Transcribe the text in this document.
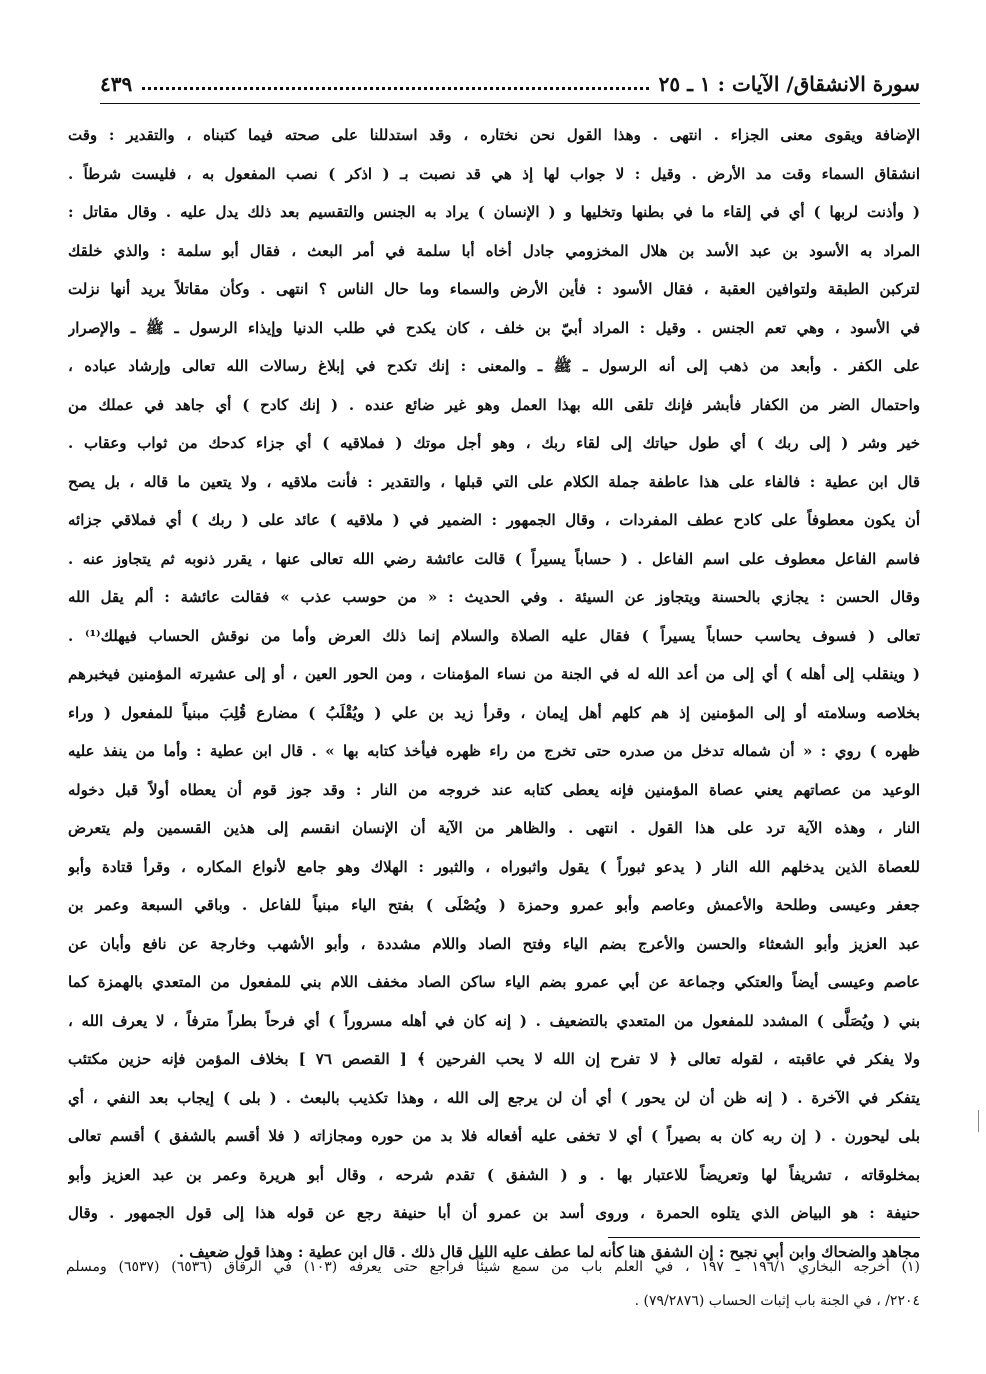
سورة الانشقاق/ الآيات : ١ ـ ٢٥
٤٣٩
الإضافة ويقوى معنى الجزاء . انتهى . وهذا القول نحن نختاره ، وقد استدللنا على صحته فيما كتبناه ، والتقدير : وقت
انشقاق السماء وقت مد الأرض . وقيل : لا جواب لها إذ هي قد نصبت بـ ( اذكر ) نصب المفعول به ، فليست شرطاً .
( وأذنت لربها ) أي في إلقاء ما في بطنها وتخليها و ( الإنسان ) يراد به الجنس والتقسيم بعد ذلك يدل عليه . وقال مقاتل :
المراد به الأسود بن عبد الأسد بن هلال المخزومي جادل أخاه أبا سلمة في أمر البعث ، فقال أبو سلمة : والذي خلقك
لتركبن الطبقة ولتوافين العقبة ، فقال الأسود : فأين الأرض والسماء وما حال الناس ؟ انتهى . وكأن مقاتلاً يريد أنها نزلت
في الأسود ، وهي تعم الجنس . وقيل : المراد أبيّ بن خلف ، كان يكدح في طلب الدنيا وإيذاء الرسول ـ ﷺ ـ والإصرار
على الكفر . وأبعد من ذهب إلى أنه الرسول ـ ﷺ ـ والمعنى : إنك تكدح في إبلاغ رسالات الله تعالى وإرشاد عباده ،
واحتمال الضر من الكفار فأبشر فإنك تلقى الله بهذا العمل وهو غير ضائع عنده . ( إنك كادح ) أي جاهد في عملك من
خير وشر ( إلى ربك ) أي طول حياتك إلى لقاء ربك ، وهو أجل موتك ( فملاقيه ) أي جزاء كدحك من ثواب وعقاب .
قال ابن عطية : فالفاء على هذا عاطفة جملة الكلام على التي قبلها ، والتقدير : فأنت ملاقيه ، ولا يتعين ما قاله ، بل يصح
أن يكون معطوفاً على كادح عطف المفردات ، وقال الجمهور : الضمير في ( ملاقيه ) عائد على ( ربك ) أي فملاقي جزائه
فاسم الفاعل معطوف على اسم الفاعل . ( حساباً يسيراً ) قالت عائشة رضي الله تعالى عنها ، يقرر ذنوبه ثم يتجاوز عنه .
وقال الحسن : يجازي بالحسنة ويتجاوز عن السيئة . وفي الحديث : « من حوسب عذب » فقالت عائشة : ألم يقل الله
تعالى ( فسوف يحاسب حساباً يسيراً ) فقال عليه الصلاة والسلام إنما ذلك العرض وأما من نوقش الحساب فيهلك⁽¹⁾ .
( وينقلب إلى أهله ) أي إلى من أعد الله له في الجنة من نساء المؤمنات ، ومن الحور العين ، أو إلى عشيرته المؤمنين فيخبرهم
بخلاصه وسلامته أو إلى المؤمنين إذ هم كلهم أهل إيمان ، وقرأ زيد بن علي ( ويُقْلَبُ ) مضارع قُلِبَ مبنياً للمفعول ( وراء
ظهره ) روي : « أن شماله تدخل من صدره حتى تخرج من راء ظهره فيأخذ كتابه بها » . قال ابن عطية : وأما من ينفذ عليه
الوعيد من عصاتهم يعني عصاة المؤمنين فإنه يعطى كتابه عند خروجه من النار : وقد جوز قوم أن يعطاه أولاً قبل دخوله
النار ، وهذه الآية ترد على هذا القول . انتهى . والظاهر من الآية أن الإنسان انقسم إلى هذين القسمين ولم يتعرض
للعصاة الذين يدخلهم الله النار ( يدعو ثبوراً ) يقول واثبوراه ، والثبور : الهلاك وهو جامع لأنواع المكاره ، وقرأ قتادة وأبو
جعفر وعيسى وطلحة والأعمش وعاصم وأبو عمرو وحمزة ( ويُصْلَى ) بفتح الياء مبنياً للفاعل . وباقي السبعة وعمر بن
عبد العزيز وأبو الشعثاء والحسن والأعرج بضم الياء وفتح الصاد واللام مشددة ، وأبو الأشهب وخارجة عن نافع وأبان عن
عاصم وعيسى أيضاً والعتكي وجماعة عن أبي عمرو بضم الياء ساكن الصاد مخفف اللام بني للمفعول من المتعدي بالهمزة كما
بني ( ويُصَلَّى ) المشدد للمفعول من المتعدي بالتضعيف . ( إنه كان في أهله مسروراً ) أي فرحاً بطراً مترفاً ، لا يعرف الله ،
ولا يفكر في عاقبته ، لقوله تعالى ﴿ لا تفرح إن الله لا يحب الفرحين ﴾ [ القصص ٧٦ ] بخلاف المؤمن فإنه حزين مكتئب
يتفكر في الآخرة . ( إنه ظن أن لن يحور ) أي أن لن يرجع إلى الله ، وهذا تكذيب بالبعث . ( بلى ) إيجاب بعد النفي ، أي
بلى ليحورن . ( إن ربه كان به بصيراً ) أي لا تخفى عليه أفعاله فلا بد من حوره ومجازاته ( فلا أقسم بالشفق ) أقسم تعالى
بمخلوقاته ، تشريفاً لها وتعريضاً للاعتبار بها . و ( الشفق ) تقدم شرحه ، وقال أبو هريرة وعمر بن عبد العزيز وأبو
حنيفة : هو البياض الذي يتلوه الحمرة ، وروى أسد بن عمرو أن أبا حنيفة رجع عن قوله هذا إلى قول الجمهور . وقال
مجاهد والضحاك وابن أبي نجيح : إن الشفق هنا كأنه لما عطف عليه الليل قال ذلك . قال ابن عطية : وهذا قول ضعيف .
(١) أخرجه البخاري ١٩٦/١ ـ ١٩٧ ، في العلم باب من سمع شيئاً فراجع حتى يعرفه (١٠٣) في الرقاق (٦٥٣٦) (٦٥٣٧) ومسلم
٢٢٠٤/ ، في الجنة باب إثبات الحساب (٧٩/٢٨٧٦) .
